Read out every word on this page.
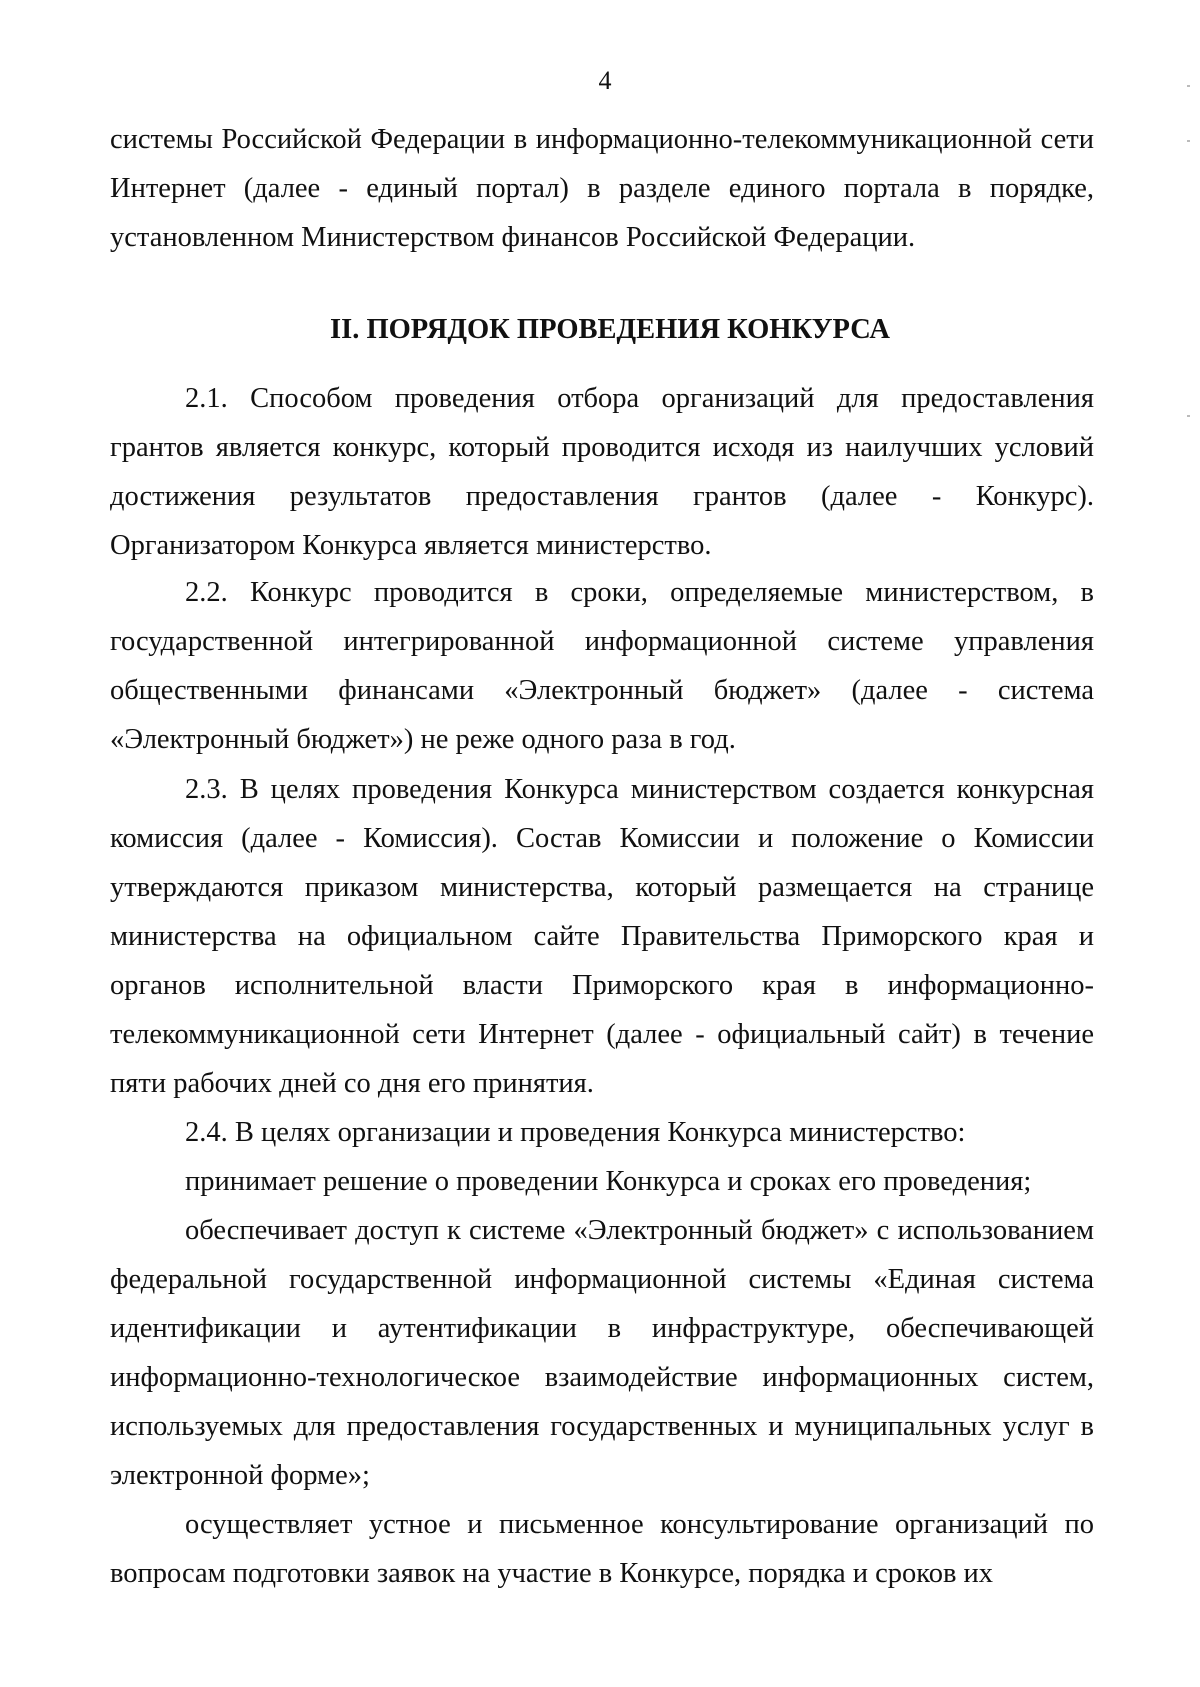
4

системы Российской Федерации в информационно-телекоммуникационной сети Интернет (далее - единый портал) в разделе единого портала в порядке, установленном Министерством финансов Российской Федерации.

II. ПОРЯДОК ПРОВЕДЕНИЯ КОНКУРСА

2.1. Способом проведения отбора организаций для предоставления грантов является конкурс, который проводится исходя из наилучших условий достижения результатов предоставления грантов (далее - Конкурс). Организатором Конкурса является министерство.

2.2. Конкурс проводится в сроки, определяемые министерством, в государственной интегрированной информационной системе управления общественными финансами «Электронный бюджет» (далее - система «Электронный бюджет») не реже одного раза в год.

2.3. В целях проведения Конкурса министерством создается конкурсная комиссия (далее - Комиссия). Состав Комиссии и положение о Комиссии утверждаются приказом министерства, который размещается на странице министерства на официальном сайте Правительства Приморского края и органов исполнительной власти Приморского края в информационно-телекоммуникационной сети Интернет (далее - официальный сайт) в течение пяти рабочих дней со дня его принятия.

2.4. В целях организации и проведения Конкурса министерство:

принимает решение о проведении Конкурса и сроках его проведения;

обеспечивает доступ к системе «Электронный бюджет» с использованием федеральной государственной информационной системы «Единая система идентификации и аутентификации в инфраструктуре, обеспечивающей информационно-технологическое взаимодействие информационных систем, используемых для предоставления государственных и муниципальных услуг в электронной форме»;

осуществляет устное и письменное консультирование организаций по вопросам подготовки заявок на участие в Конкурсе, порядка и сроков их
